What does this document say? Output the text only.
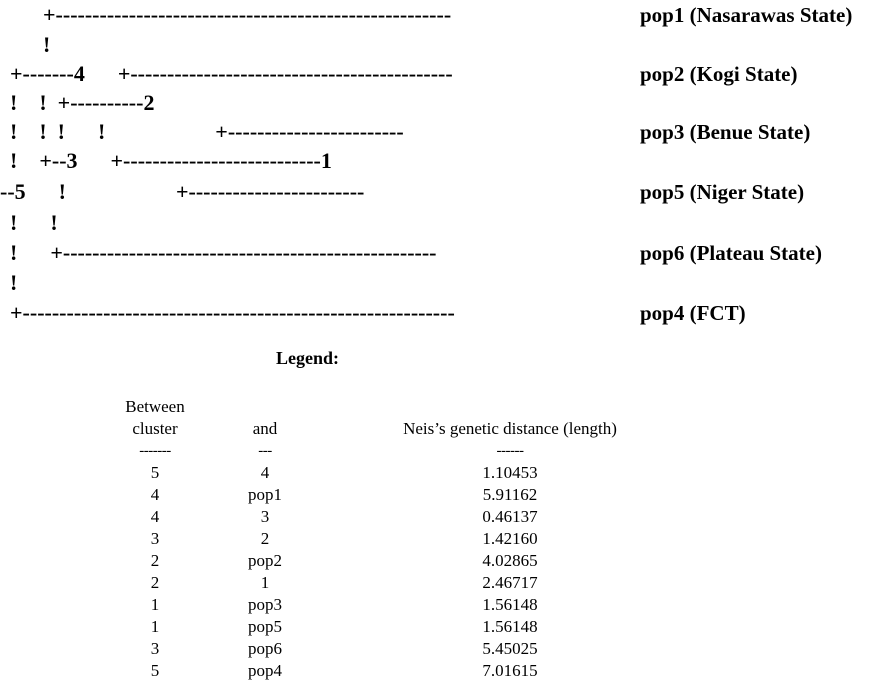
+------------------------------------------------------

	pop1 (Nasarawas State)

!

+-------4      +--------------------------------------------

	pop2 (Kogi State)

!    !  +----------2

!    !  !      !                    +------------------------

	pop3 (Benue State)

!    +--3      +---------------------------1

--5      !                    +------------------------

	pop5 (Niger State)

!      !

!      +---------------------------------------------------

	pop6 (Plateau State)

!

+-----------------------------------------------------------

	pop4 (FCT)

Legend:
Between		
cluster	and	Neis’s genetic distance (length)
-------	---	------
5	4	1.10453
4	pop1	5.91162
4	3	0.46137
3	2	1.42160
2	pop2	4.02865
2	1	2.46717
1	pop3	1.56148
1	pop5	1.56148
3	pop6	5.45025
5	pop4	7.01615
